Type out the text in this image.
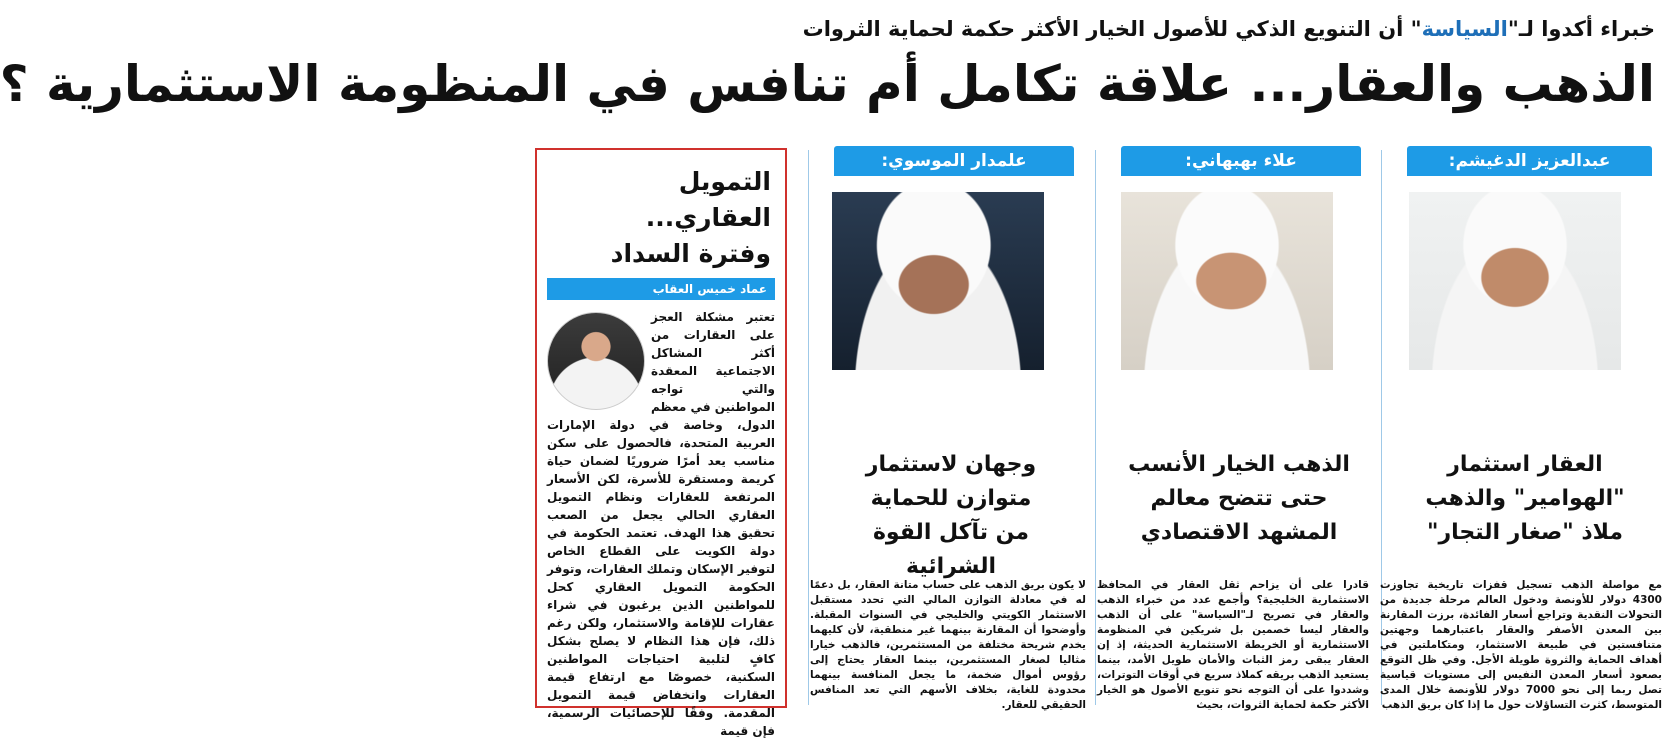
خبراء أكدوا لـ"السياسة" أن التنويع الذكي للأصول الخيار الأكثر حكمة لحماية الثروات
الذهب والعقار... علاقة تكامل أم تنافس في المنظومة الاستثمارية ؟
التمويل العقاري...
وفترة السداد
عماد خميس العقاب
تعتبر مشكلة العجز على العقارات من أكثر المشاكل الاجتماعية المعقدة والتي تواجه المواطنين في معظم الدول، وخاصة في دولة الإمارات العربية المتحدة، فالحصول على سكن مناسب يعد أمرًا ضروريًا لضمان حياة كريمة ومستقرة للأسرة، لكن الأسعار المرتفعة للعقارات ونظام التمويل العقاري الحالي يجعل من الصعب تحقيق هذا الهدف. تعتمد الحكومة في دولة الكويت على القطاع الخاص لتوفير الإسكان وتملك العقارات، وتوفر الحكومة التمويل العقاري كحل للمواطنين الذين يرغبون في شراء عقارات للإقامة والاستثمار، ولكن رغم ذلك، فإن هذا النظام لا يصلح بشكل كافٍ لتلبية احتياجات المواطنين السكنية، خصوصًا مع ارتفاع قيمة العقارات وانخفاض قيمة التمويل المقدمة. وفقًا للإحصائيات الرسمية، فإن قيمة
علمدار الموسوي:
وجهان لاستثمار
متوازن للحماية
من تآكل القوة الشرائية
علاء بهبهاني:
الذهب الخيار الأنسب
حتى تتضح معالم
المشهد الاقتصادي
عبدالعزيز الدغيشم:
العقار استثمار
"الهوامير" والذهب
ملاذ "صغار التجار"
مع مواصلة الذهب تسجيل قفزات تاريخية تجاوزت 4300 دولار للأونصة ودخول العالم مرحلة جديدة من التحولات النقدية وتراجع أسعار الفائدة، برزت المقارنة بين المعدن الأصفر والعقار باعتبارهما وجهتين متنافستين في طبيعة الاستثمار، ومتكاملتين في أهداف الحماية والثروة طويلة الأجل. وفي ظل التوقع بصعود أسعار المعدن النفيس إلى مستويات قياسية تصل ربما إلى نحو 7000 دولار للأونصة خلال المدى المتوسط، كثرت التساؤلات حول ما إذا كان بريق الذهب
قادرا على أن يزاحم ثقل العقار في المحافظ الاستثمارية الخليجية؟ وأجمع عدد من خبراء الذهب والعقار في تصريح لـ"السياسة" على أن الذهب والعقار ليسا خصمين بل شريكين في المنظومة الاستثمارية أو الخريطة الاستثمارية الحديثة، إذ إن العقار يبقى رمز الثبات والأمان طويل الأمد، بينما يستعيد الذهب بريقه كملاذ سريع في أوقات التوترات، وشددوا على أن التوجه نحو تنويع الأصول هو الخيار الأكثر حكمة لحماية الثروات، بحيث
لا يكون بريق الذهب على حساب متانة العقار، بل دعمًا له في معادلة التوازن المالي التي تحدد مستقبل الاستثمار الكويتي والخليجي في السنوات المقبلة. وأوضحوا أن المقارنة بينهما غير منطقية، لأن كليهما يخدم شريحة مختلفة من المستثمرين، فالذهب خيارا مثاليا لصغار المستثمرين، بينما العقار يحتاج إلى رؤوس أموال ضخمة، ما يجعل المنافسة بينهما محدودة للغاية، بخلاف الأسهم التي تعد المنافس الحقيقي للعقار.
